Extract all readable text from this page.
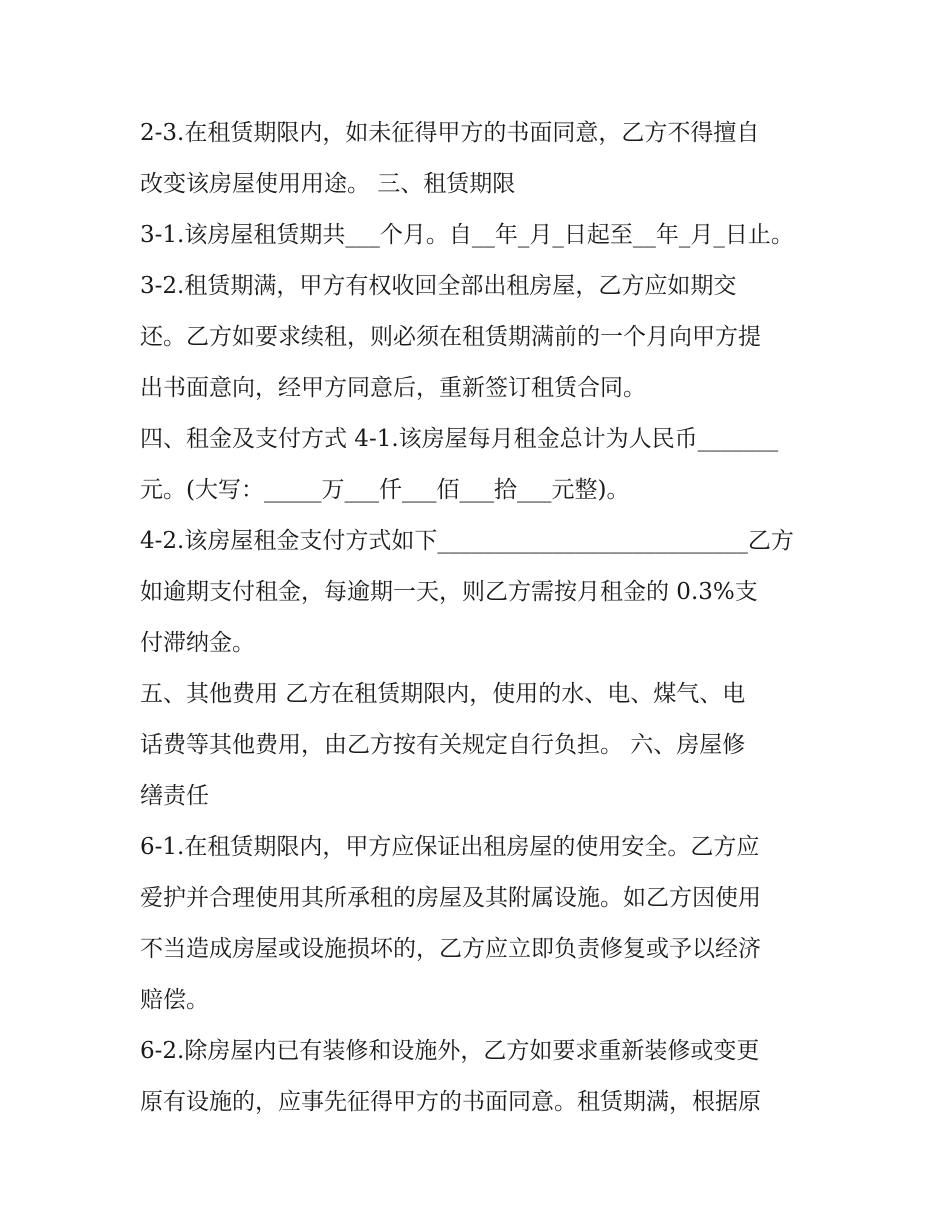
2-3.在租赁期限内，如未征得甲方的书面同意，乙方不得擅自
改变该房屋使用用途。 三、租赁期限
3-1.该房屋租赁期共___个月。自__年_月_日起至__年_月_日止。
3-2.租赁期满，甲方有权收回全部出租房屋，乙方应如期交
还。乙方如要求续租，则必须在租赁期满前的一个月向甲方提
出书面意向，经甲方同意后，重新签订租赁合同。
四、租金及支付方式 4-1.该房屋每月租金总计为人民币_______
元。(大写：_____万___仟___佰___拾___元整)。
4-2.该房屋租金支付方式如下___________________________乙方
如逾期支付租金，每逾期一天，则乙方需按月租金的 0.3%支
付滞纳金。
五、其他费用 乙方在租赁期限内，使用的水、电、煤气、电
话费等其他费用，由乙方按有关规定自行负担。 六、房屋修
缮责任
6-1.在租赁期限内，甲方应保证出租房屋的使用安全。乙方应
爱护并合理使用其所承租的房屋及其附属设施。如乙方因使用
不当造成房屋或设施损坏的，乙方应立即负责修复或予以经济
赔偿。
6-2.除房屋内已有装修和设施外，乙方如要求重新装修或变更
原有设施的，应事先征得甲方的书面同意。租赁期满，根据原
